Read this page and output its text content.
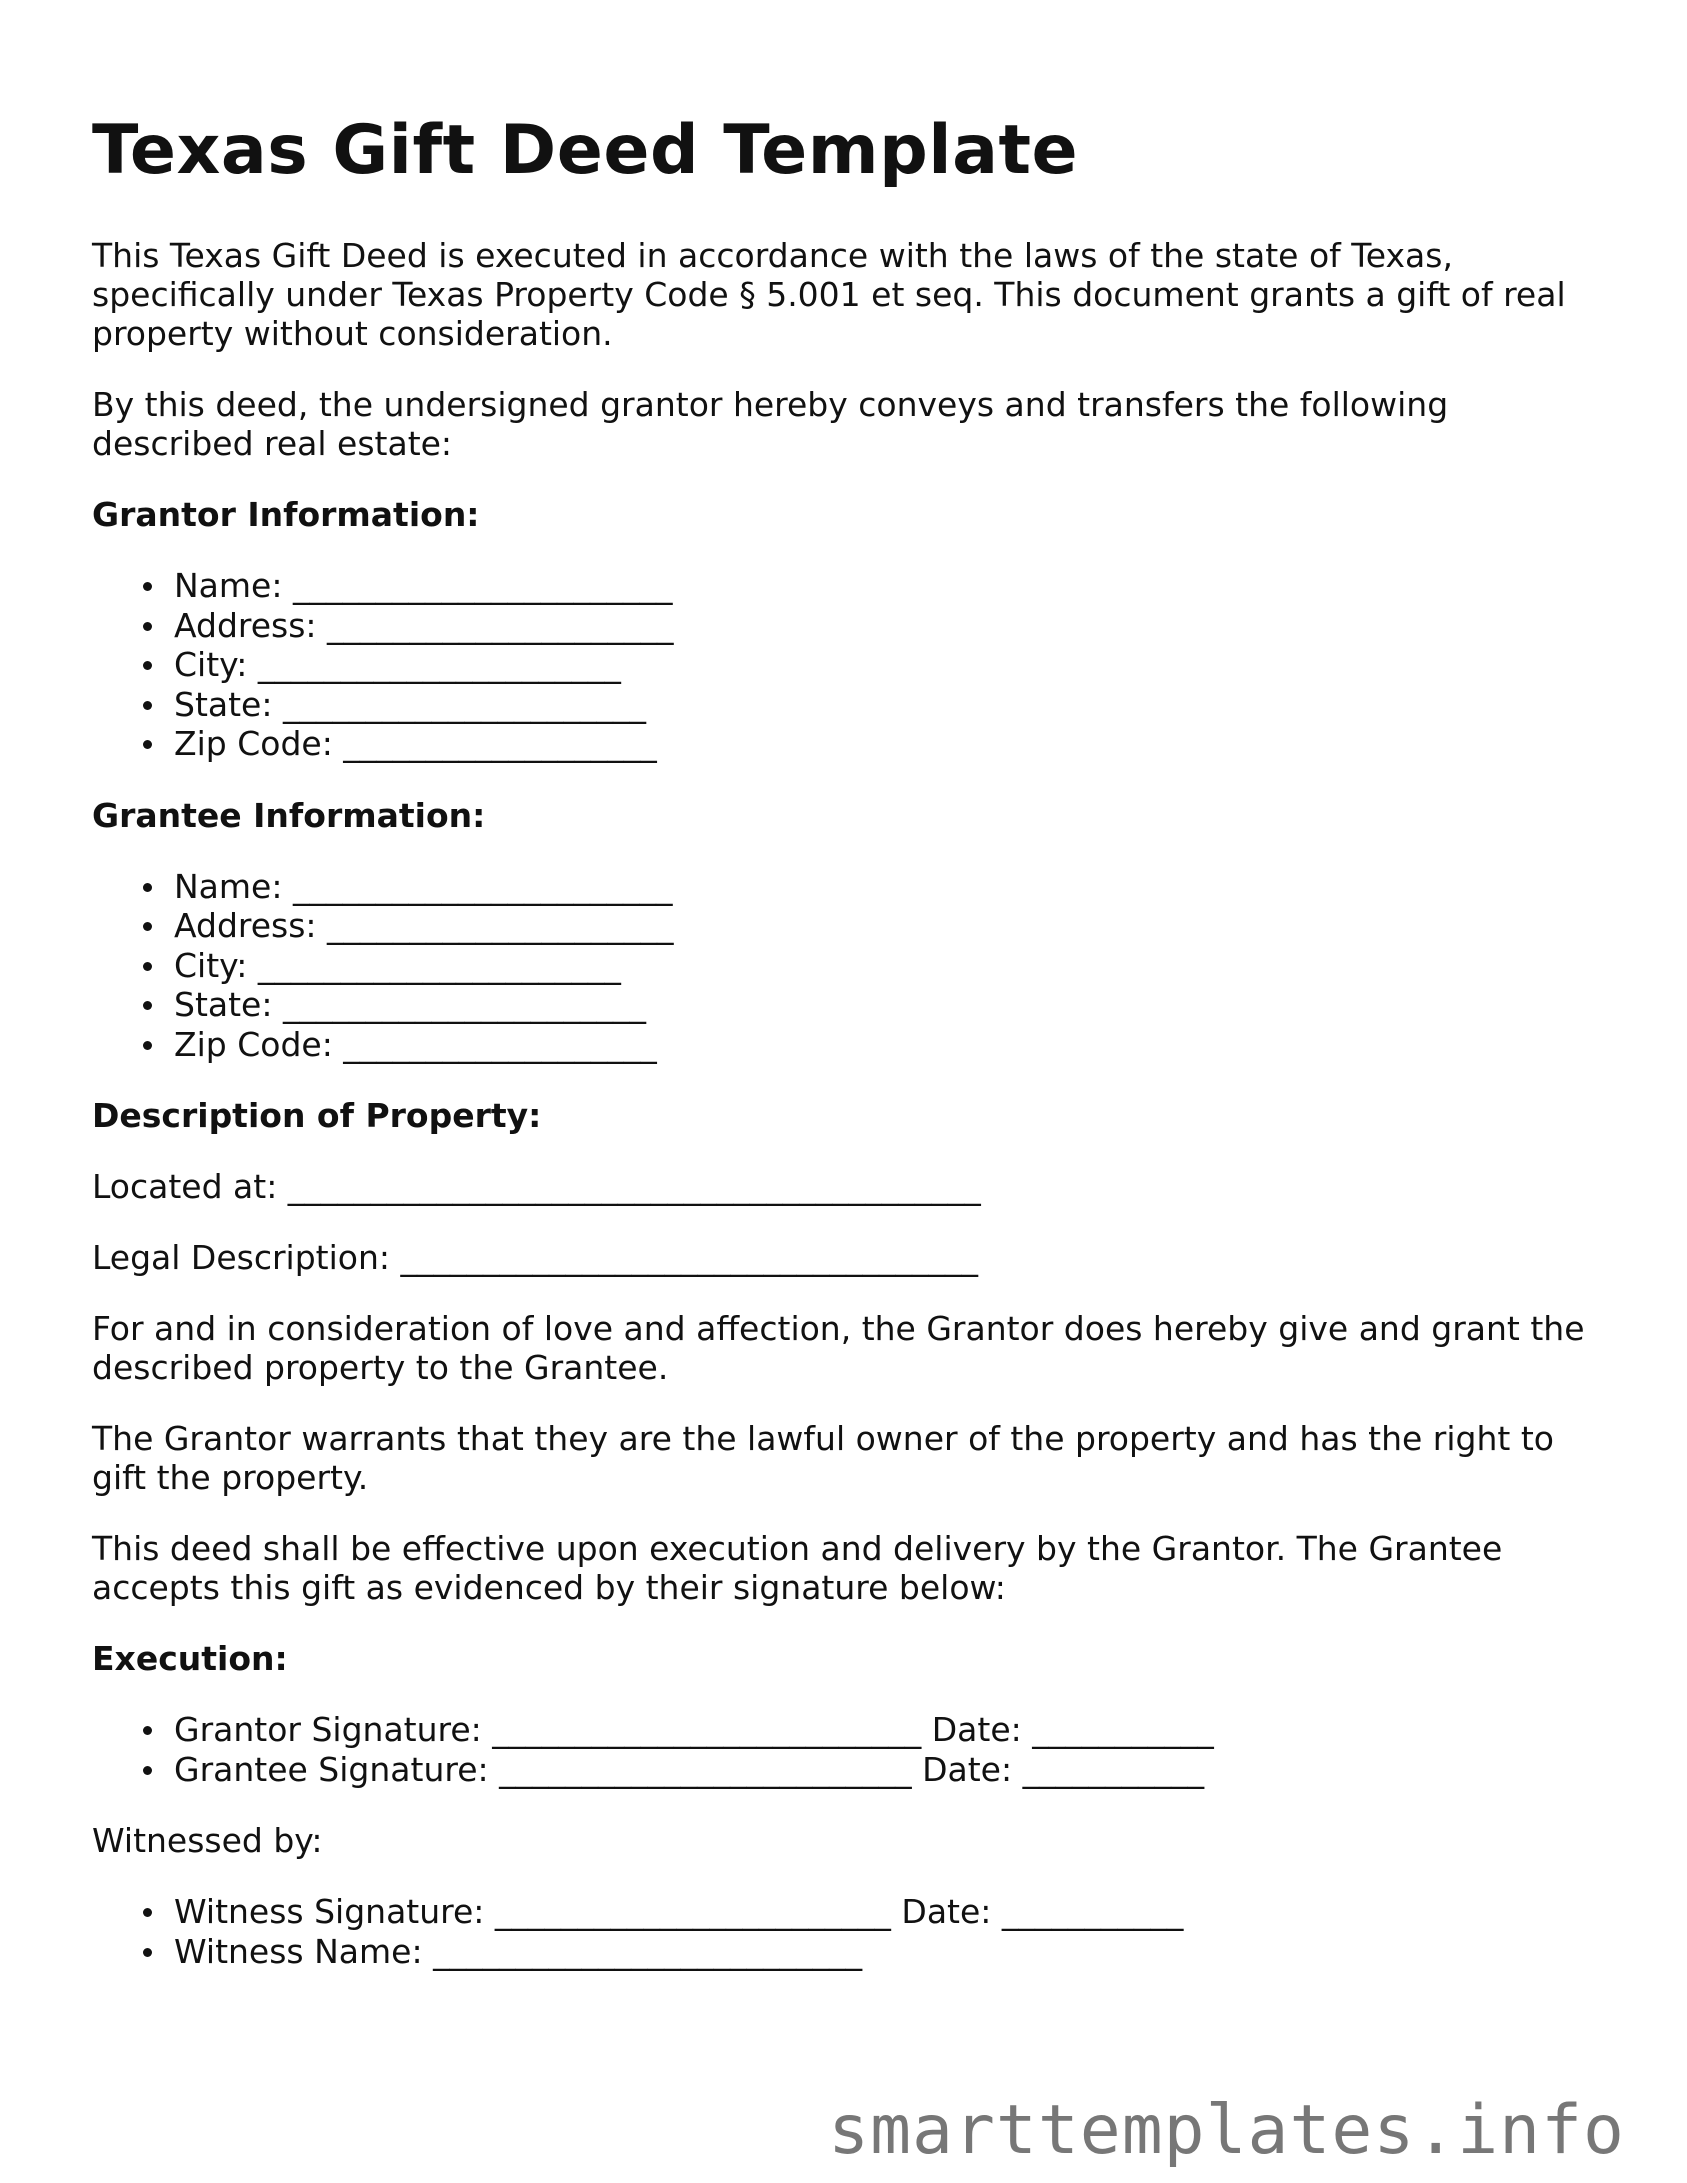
Texas Gift Deed Template

This Texas Gift Deed is executed in accordance with the laws of the state of Texas, specifically under Texas Property Code § 5.001 et seq. This document grants a gift of real property without consideration.

By this deed, the undersigned grantor hereby conveys and transfers the following described real estate:

Grantor Information:

Name: _______________________
Address: _____________________
City: ______________________
State: ______________________
Zip Code: ___________________

Grantee Information:

Name: _______________________
Address: _____________________
City: ______________________
State: ______________________
Zip Code: ___________________

Description of Property:

Located at: __________________________________________

Legal Description: ___________________________________

For and in consideration of love and affection, the Grantor does hereby give and grant the described property to the Grantee.

The Grantor warrants that they are the lawful owner of the property and has the right to gift the property.

This deed shall be effective upon execution and delivery by the Grantor. The Grantee accepts this gift as evidenced by their signature below:

Execution:

Grantor Signature: __________________________ Date: ___________
Grantee Signature: _________________________ Date: ___________

Witnessed by:

Witness Signature: ________________________ Date: ___________
Witness Name: __________________________
smarttemplates.info
